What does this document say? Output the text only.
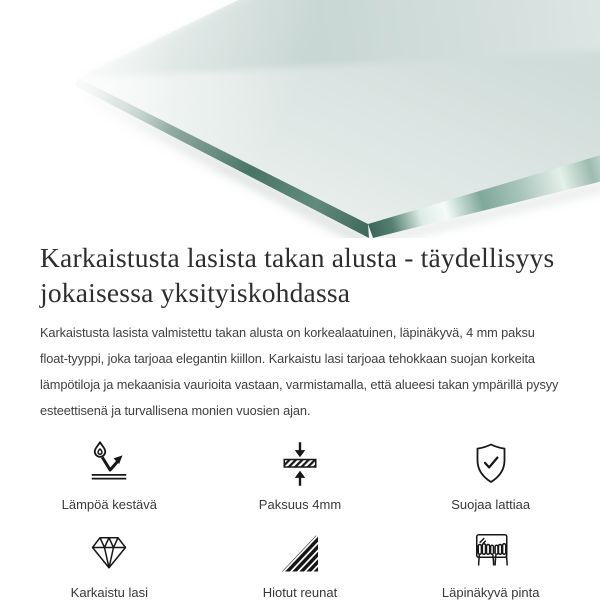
Karkaistusta lasista takan alusta - täydellisyys jokaisessa yksityiskohdassa

Karkaistusta lasista valmistettu takan alusta on korkealaatuinen, läpinäkyvä, 4 mm paksu float-tyyppi, joka tarjoaa elegantin kiillon. Karkaistu lasi tarjoaa tehokkaan suojan korkeita lämpötiloja ja mekaanisia vaurioita vastaan, varmistamalla, että alueesi takan ympärillä pysyy esteettisenä ja turvallisena monien vuosien ajan.

Lämpöä kestävä	Paksuus 4mm	Suojaa lattiaa
Karkaistu lasi	Hiotut reunat	Läpinäkyvä pinta
